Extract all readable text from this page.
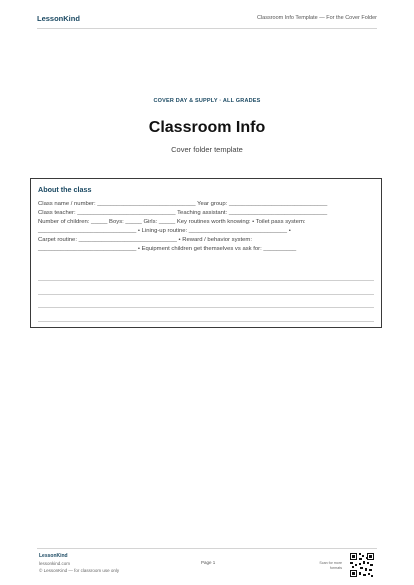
LessonKind	Classroom Info Template — For the Cover Folder
COVER DAY & SUPPLY · ALL GRADES
Classroom Info
Cover folder template
About the class
Class name / number: ______________________________ Year group: ______________________________
Class teacher: ______________________________ Teaching assistant: ______________________________
Number of children: _____ Boys: _____ Girls: _____ Key routines worth knowing: • Toilet pass system:
______________________________ • Lining-up routine: ______________________________ •
Carpet routine: ______________________________ • Reward / behavior system:
______________________________ • Equipment children get themselves vs ask for: __________
LessonKind
lessonkind.com
© LessonKind — for classroom use only
Page 1	Scan for more formats
